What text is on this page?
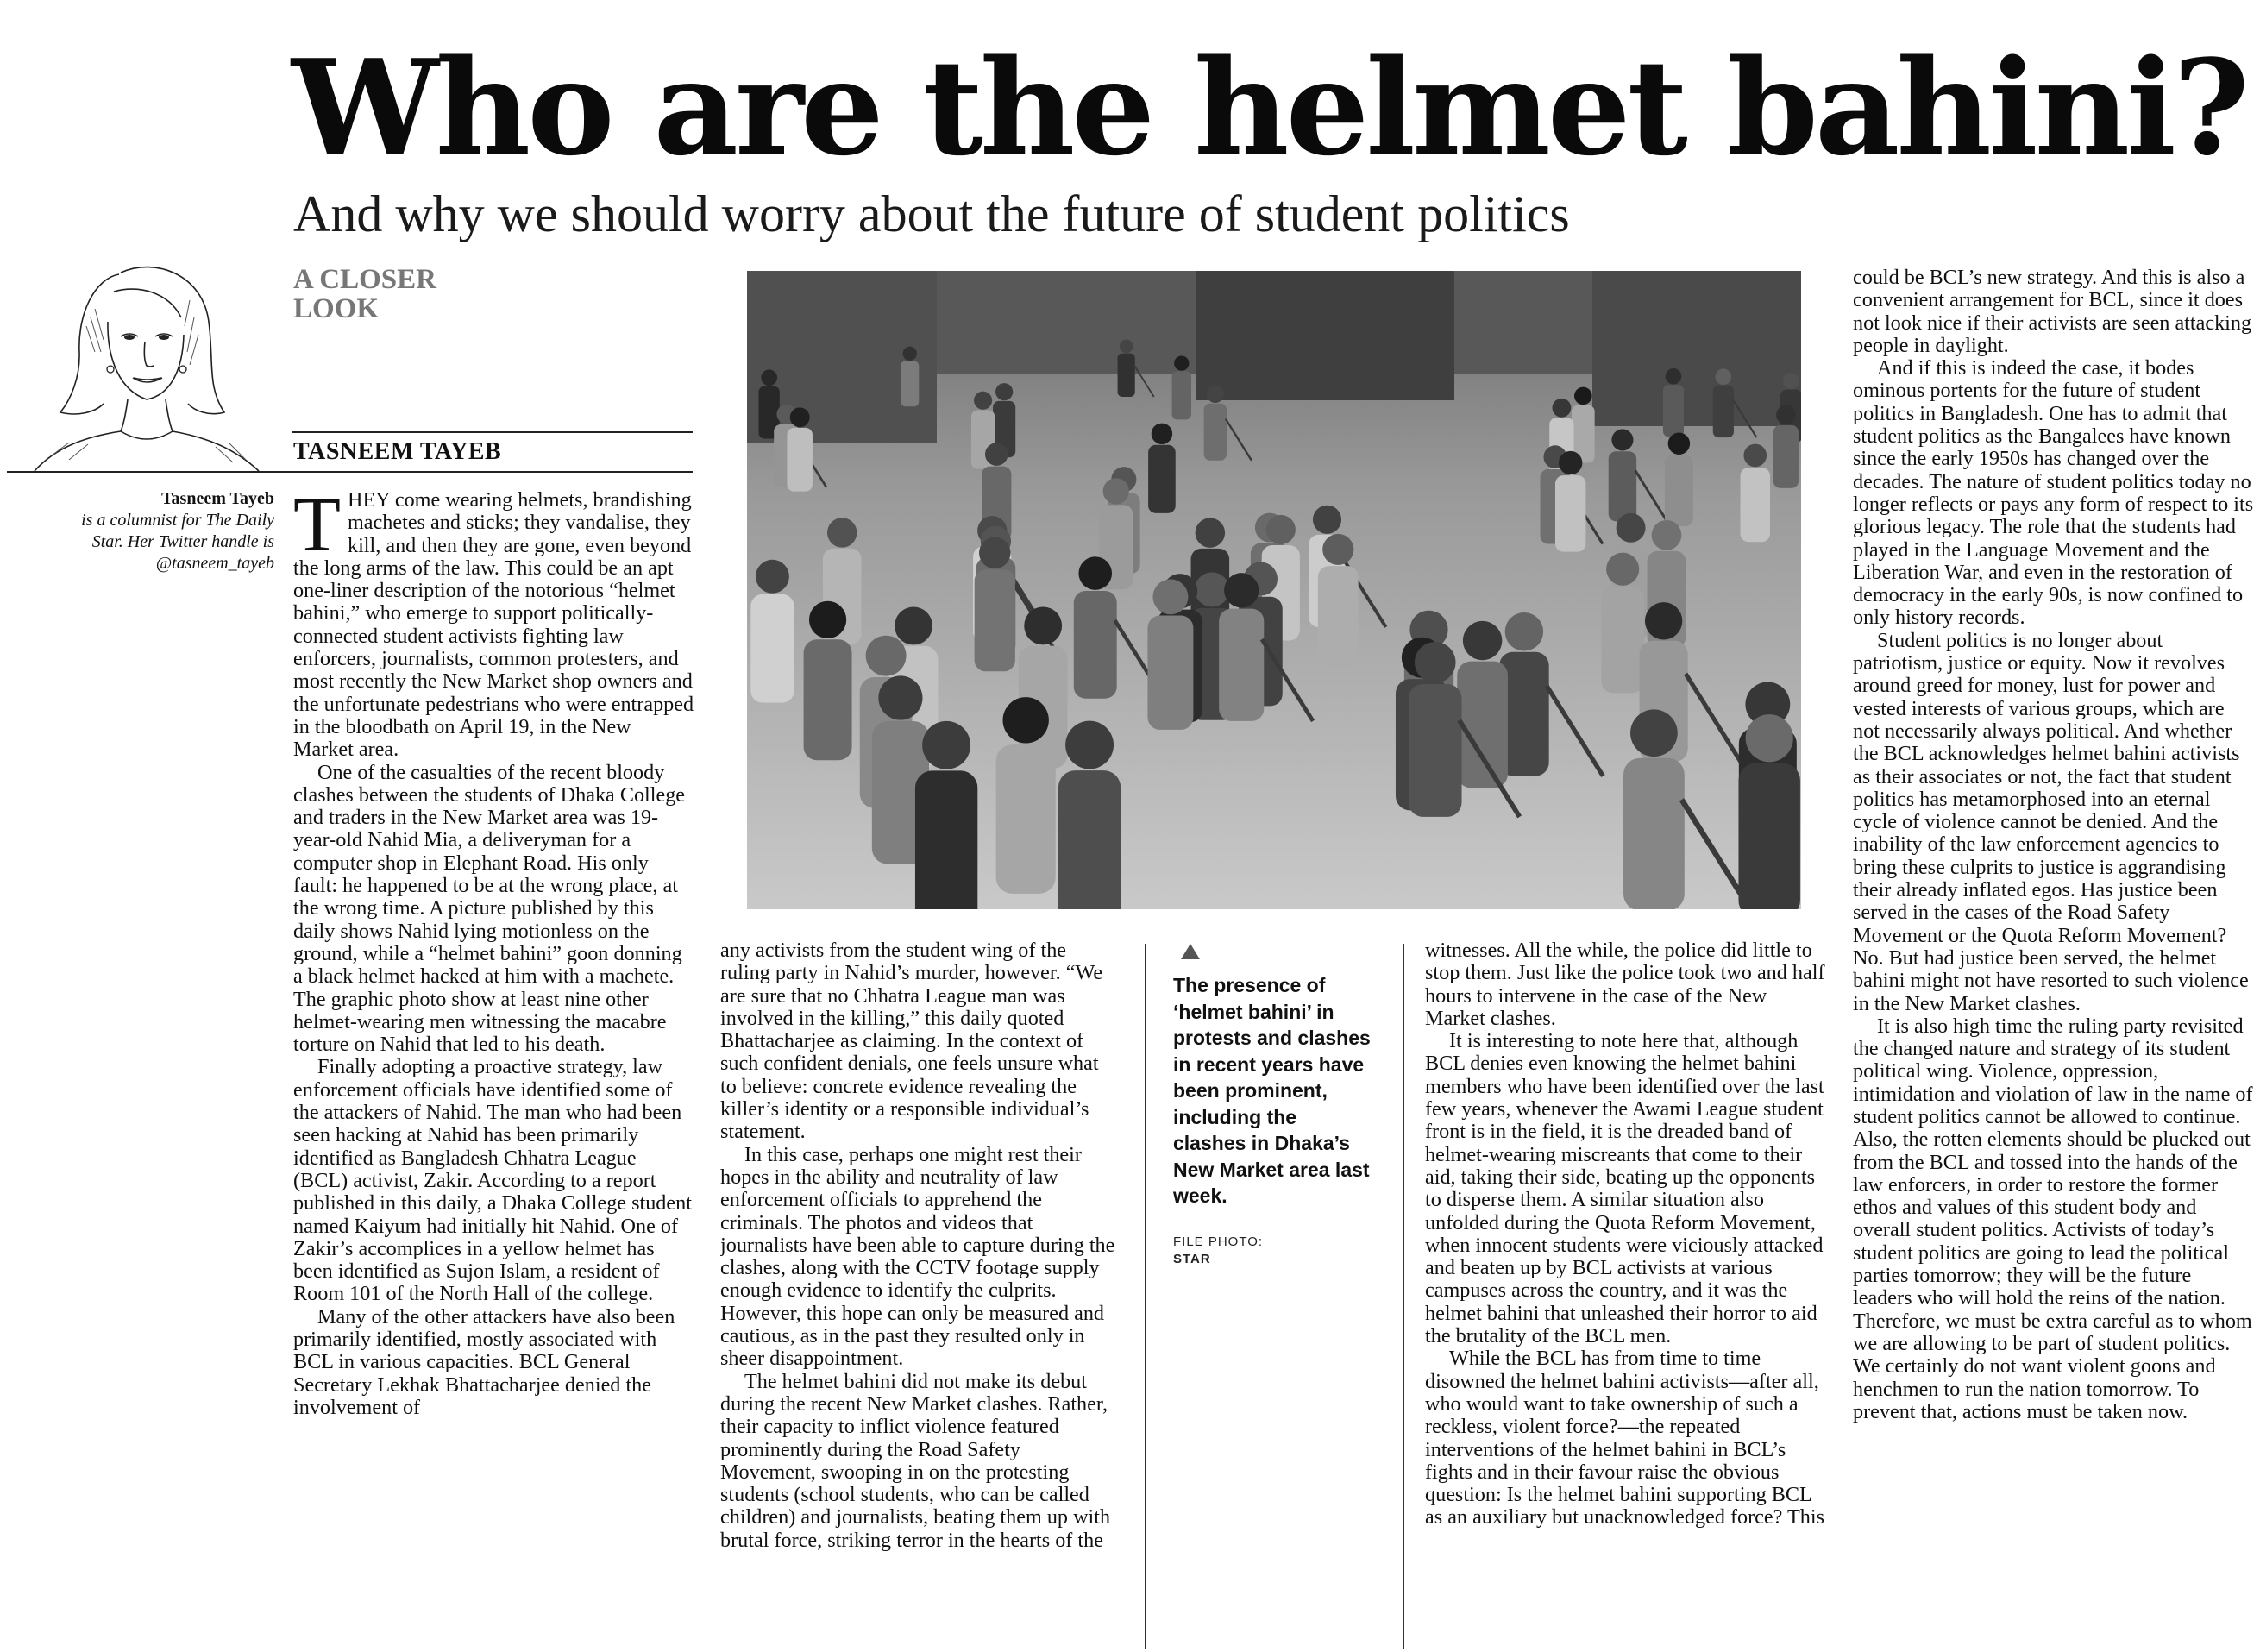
Who are the helmet bahini?
And why we should worry about the future of student politics
A CLOSER
LOOK
TASNEEM TAYEB
Tasneem Tayeb
is a columnist for The Daily Star. Her Twitter handle is @tasneem_tayeb THEY come wearing helmets, brandishing machetes and sticks; they vandalise, they kill, and then they are gone, even beyond the long arms of the law. This could be an apt one-liner description of the notorious “helmet bahini,” who emerge to support politically-connected student activists fighting law enforcers, journalists, common protesters, and most recently the New Market shop owners and the unfortunate pedestrians who were entrapped in the bloodbath on April 19, in the New Market area.

One of the casualties of the recent bloody clashes between the students of Dhaka College and traders in the New Market area was 19-year-old Nahid Mia, a deliveryman for a computer shop in Elephant Road. His only fault: he happened to be at the wrong place, at the wrong time. A picture published by this daily shows Nahid lying motionless on the ground, while a “helmet bahini” goon donning a black helmet hacked at him with a machete. The graphic photo show at least nine other helmet-wearing men witnessing the macabre torture on Nahid that led to his death.

Finally adopting a proactive strategy, law enforcement officials have identified some of the attackers of Nahid. The man who had been seen hacking at Nahid has been primarily identified as Bangladesh Chhatra League (BCL) activist, Zakir. According to a report published in this daily, a Dhaka College student named Kaiyum had initially hit Nahid. One of Zakir’s accomplices in a yellow helmet has been identified as Sujon Islam, a resident of Room 101 of the North Hall of the college.

Many of the other attackers have also been primarily identified, mostly associated with BCL in various capacities. BCL General Secretary Lekhak Bhattacharjee denied the involvement of

any activists from the student wing of the ruling party in Nahid’s murder, however. “We are sure that no Chhatra League man was involved in the killing,” this daily quoted Bhattacharjee as claiming. In the context of such confident denials, one feels unsure what to believe: concrete evidence revealing the killer’s identity or a responsible individual’s statement.

In this case, perhaps one might rest their hopes in the ability and neutrality of law enforcement officials to apprehend the criminals. The photos and videos that journalists have been able to capture during the clashes, along with the CCTV footage supply enough evidence to identify the culprits. However, this hope can only be measured and cautious, as in the past they resulted only in sheer disappointment.

The helmet bahini did not make its debut during the recent New Market clashes. Rather, their capacity to inflict violence featured prominently during the Road Safety Movement, swooping in on the protesting students (school students, who can be called children) and journalists, beating them up with brutal force, striking terror in the hearts of the

The presence of ‘helmet bahini’ in protests and clashes in recent years have been prominent, including the clashes in Dhaka’s New Market area last week.
FILE PHOTO:
STAR

witnesses. All the while, the police did little to stop them. Just like the police took two and half hours to intervene in the case of the New Market clashes.

It is interesting to note here that, although BCL denies even knowing the helmet bahini members who have been identified over the last few years, whenever the Awami League student front is in the field, it is the dreaded band of helmet-wearing miscreants that come to their aid, taking their side, beating up the opponents to disperse them. A similar situation also unfolded during the Quota Reform Movement, when innocent students were viciously attacked and beaten up by BCL activists at various campuses across the country, and it was the helmet bahini that unleashed their horror to aid the brutality of the BCL men.

While the BCL has from time to time disowned the helmet bahini activists—after all, who would want to take ownership of such a reckless, violent force?—the repeated interventions of the helmet bahini in BCL’s fights and in their favour raise the obvious question: Is the helmet bahini supporting BCL as an auxiliary but unacknowledged force? This

could be BCL’s new strategy. And this is also a convenient arrangement for BCL, since it does not look nice if their activists are seen attacking people in daylight.

And if this is indeed the case, it bodes ominous portents for the future of student politics in Bangladesh. One has to admit that student politics as the Bangalees have known since the early 1950s has changed over the decades. The nature of student politics today no longer reflects or pays any form of respect to its glorious legacy. The role that the students had played in the Language Movement and the Liberation War, and even in the restoration of democracy in the early 90s, is now confined to only history records.

Student politics is no longer about patriotism, justice or equity. Now it revolves around greed for money, lust for power and vested interests of various groups, which are not necessarily always political. And whether the BCL acknowledges helmet bahini activists as their associates or not, the fact that student politics has metamorphosed into an eternal cycle of violence cannot be denied. And the inability of the law enforcement agencies to bring these culprits to justice is aggrandising their already inflated egos. Has justice been served in the cases of the Road Safety Movement or the Quota Reform Movement? No. But had justice been served, the helmet bahini might not have resorted to such violence in the New Market clashes.

It is also high time the ruling party revisited the changed nature and strategy of its student political wing. Violence, oppression, intimidation and violation of law in the name of student politics cannot be allowed to continue. Also, the rotten elements should be plucked out from the BCL and tossed into the hands of the law enforcers, in order to restore the former ethos and values of this student body and overall student politics. Activists of today’s student politics are going to lead the political parties tomorrow; they will be the future leaders who will hold the reins of the nation. Therefore, we must be extra careful as to whom we are allowing to be part of student politics. We certainly do not want violent goons and henchmen to run the nation tomorrow. To prevent that, actions must be taken now.
